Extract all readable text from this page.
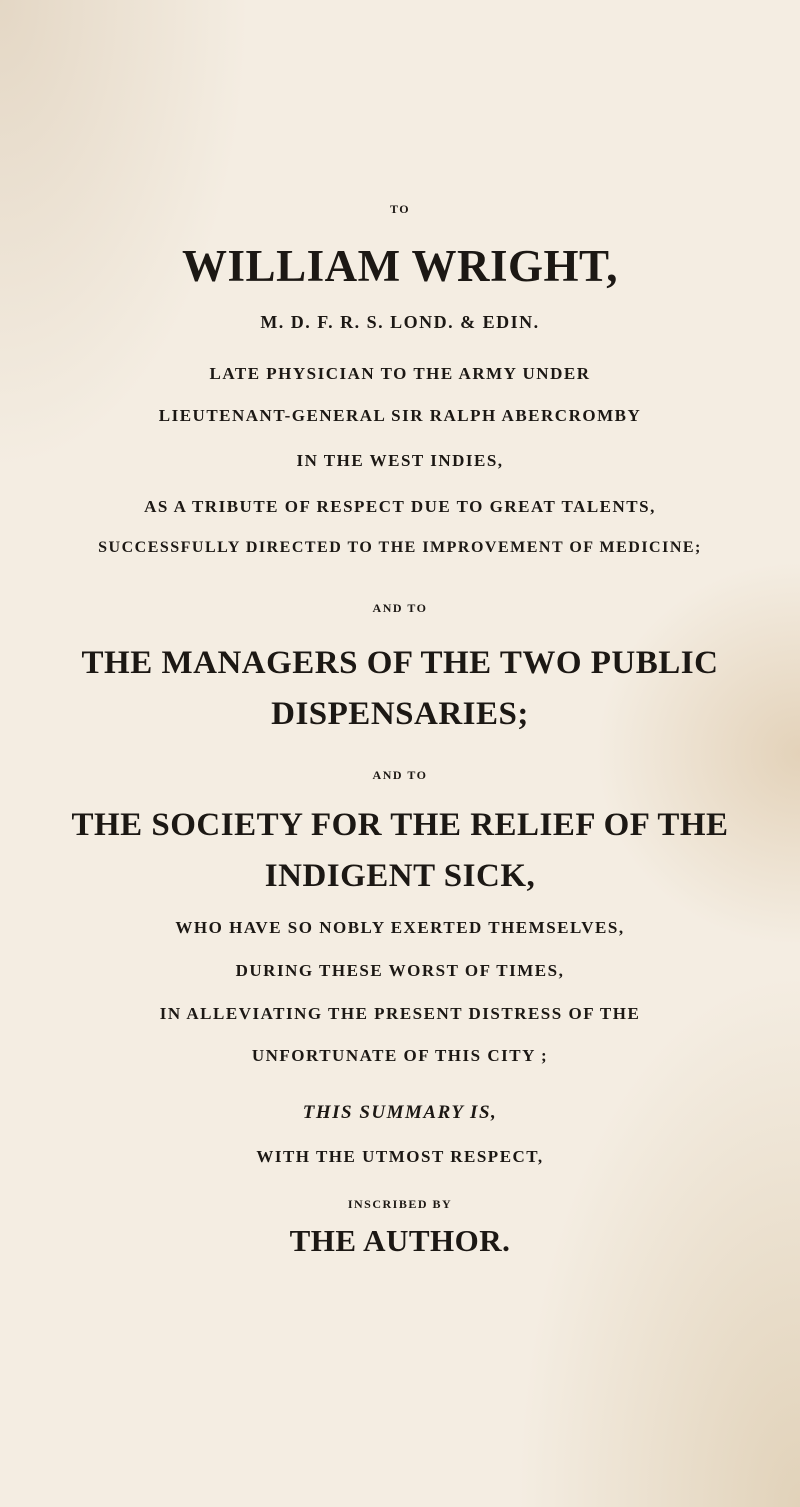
TO
WILLIAM WRIGHT,
M. D. F. R. S. LOND. & EDIN.
LATE PHYSICIAN TO THE ARMY UNDER
LIEUTENANT-GENERAL SIR RALPH ABERCROMBY
IN THE WEST INDIES,
AS A TRIBUTE OF RESPECT DUE TO GREAT TALENTS,
SUCCESSFULLY DIRECTED TO THE IMPROVEMENT OF MEDICINE;
AND TO
THE MANAGERS OF THE TWO PUBLIC
DISPENSARIES;
AND TO
THE SOCIETY FOR THE RELIEF OF THE
INDIGENT SICK,
WHO HAVE SO NOBLY EXERTED THEMSELVES,
DURING THESE WORST OF TIMES,
IN ALLEVIATING THE PRESENT DISTRESS OF THE
UNFORTUNATE OF THIS CITY ;
THIS SUMMARY IS,
WITH THE UTMOST RESPECT,
INSCRIBED BY
THE AUTHOR.
